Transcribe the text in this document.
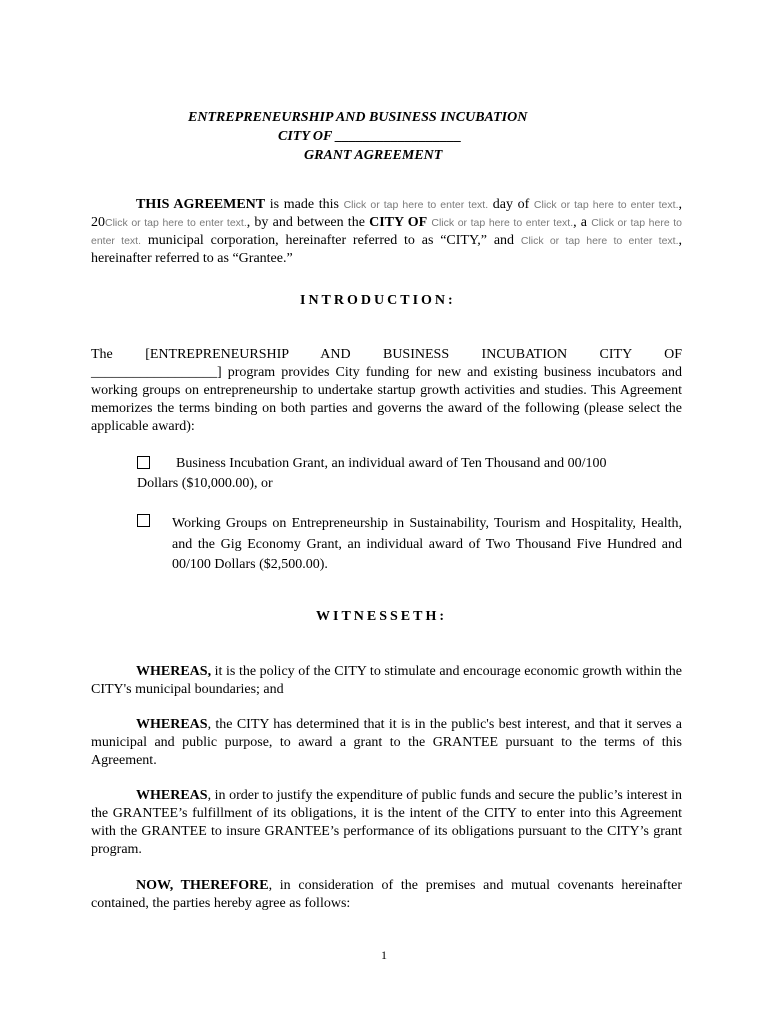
ENTREPRENEURSHIP AND BUSINESS INCUBATION
CITY OF __________________
GRANT AGREEMENT
THIS AGREEMENT is made this Click or tap here to enter text. day of Click or tap here to enter text., 20Click or tap here to enter text., by and between the CITY OF Click or tap here to enter text., a Click or tap here to enter text. municipal corporation, hereinafter referred to as “CITY,” and Click or tap here to enter text., hereinafter referred to as “Grantee.”
INTRODUCTION:
The [ENTREPRENEURSHIP AND BUSINESS INCUBATION CITY OF
__________________] program provides City funding for new and existing business incubators and working groups on entrepreneurship to undertake startup growth activities and studies. This Agreement memorizes the terms binding on both parties and governs the award of the following (please select the applicable award):
Business Incubation Grant, an individual award of Ten Thousand and 00/100
Dollars ($10,000.00), or
Working Groups on Entrepreneurship in Sustainability, Tourism and Hospitality, Health, and the Gig Economy Grant, an individual award of Two Thousand Five Hundred and 00/100 Dollars ($2,500.00).
WITNESSETH:
WHEREAS, it is the policy of the CITY to stimulate and encourage economic growth within the CITY's municipal boundaries; and
WHEREAS, the CITY has determined that it is in the public's best interest, and that it serves a municipal and public purpose, to award a grant to the GRANTEE pursuant to the terms of this Agreement.
WHEREAS, in order to justify the expenditure of public funds and secure the public’s interest in the GRANTEE’s fulfillment of its obligations, it is the intent of the CITY to enter into this Agreement with the GRANTEE to insure GRANTEE’s performance of its obligations pursuant to the CITY’s grant program.
NOW, THEREFORE, in consideration of the premises and mutual covenants hereinafter contained, the parties hereby agree as follows:
1
